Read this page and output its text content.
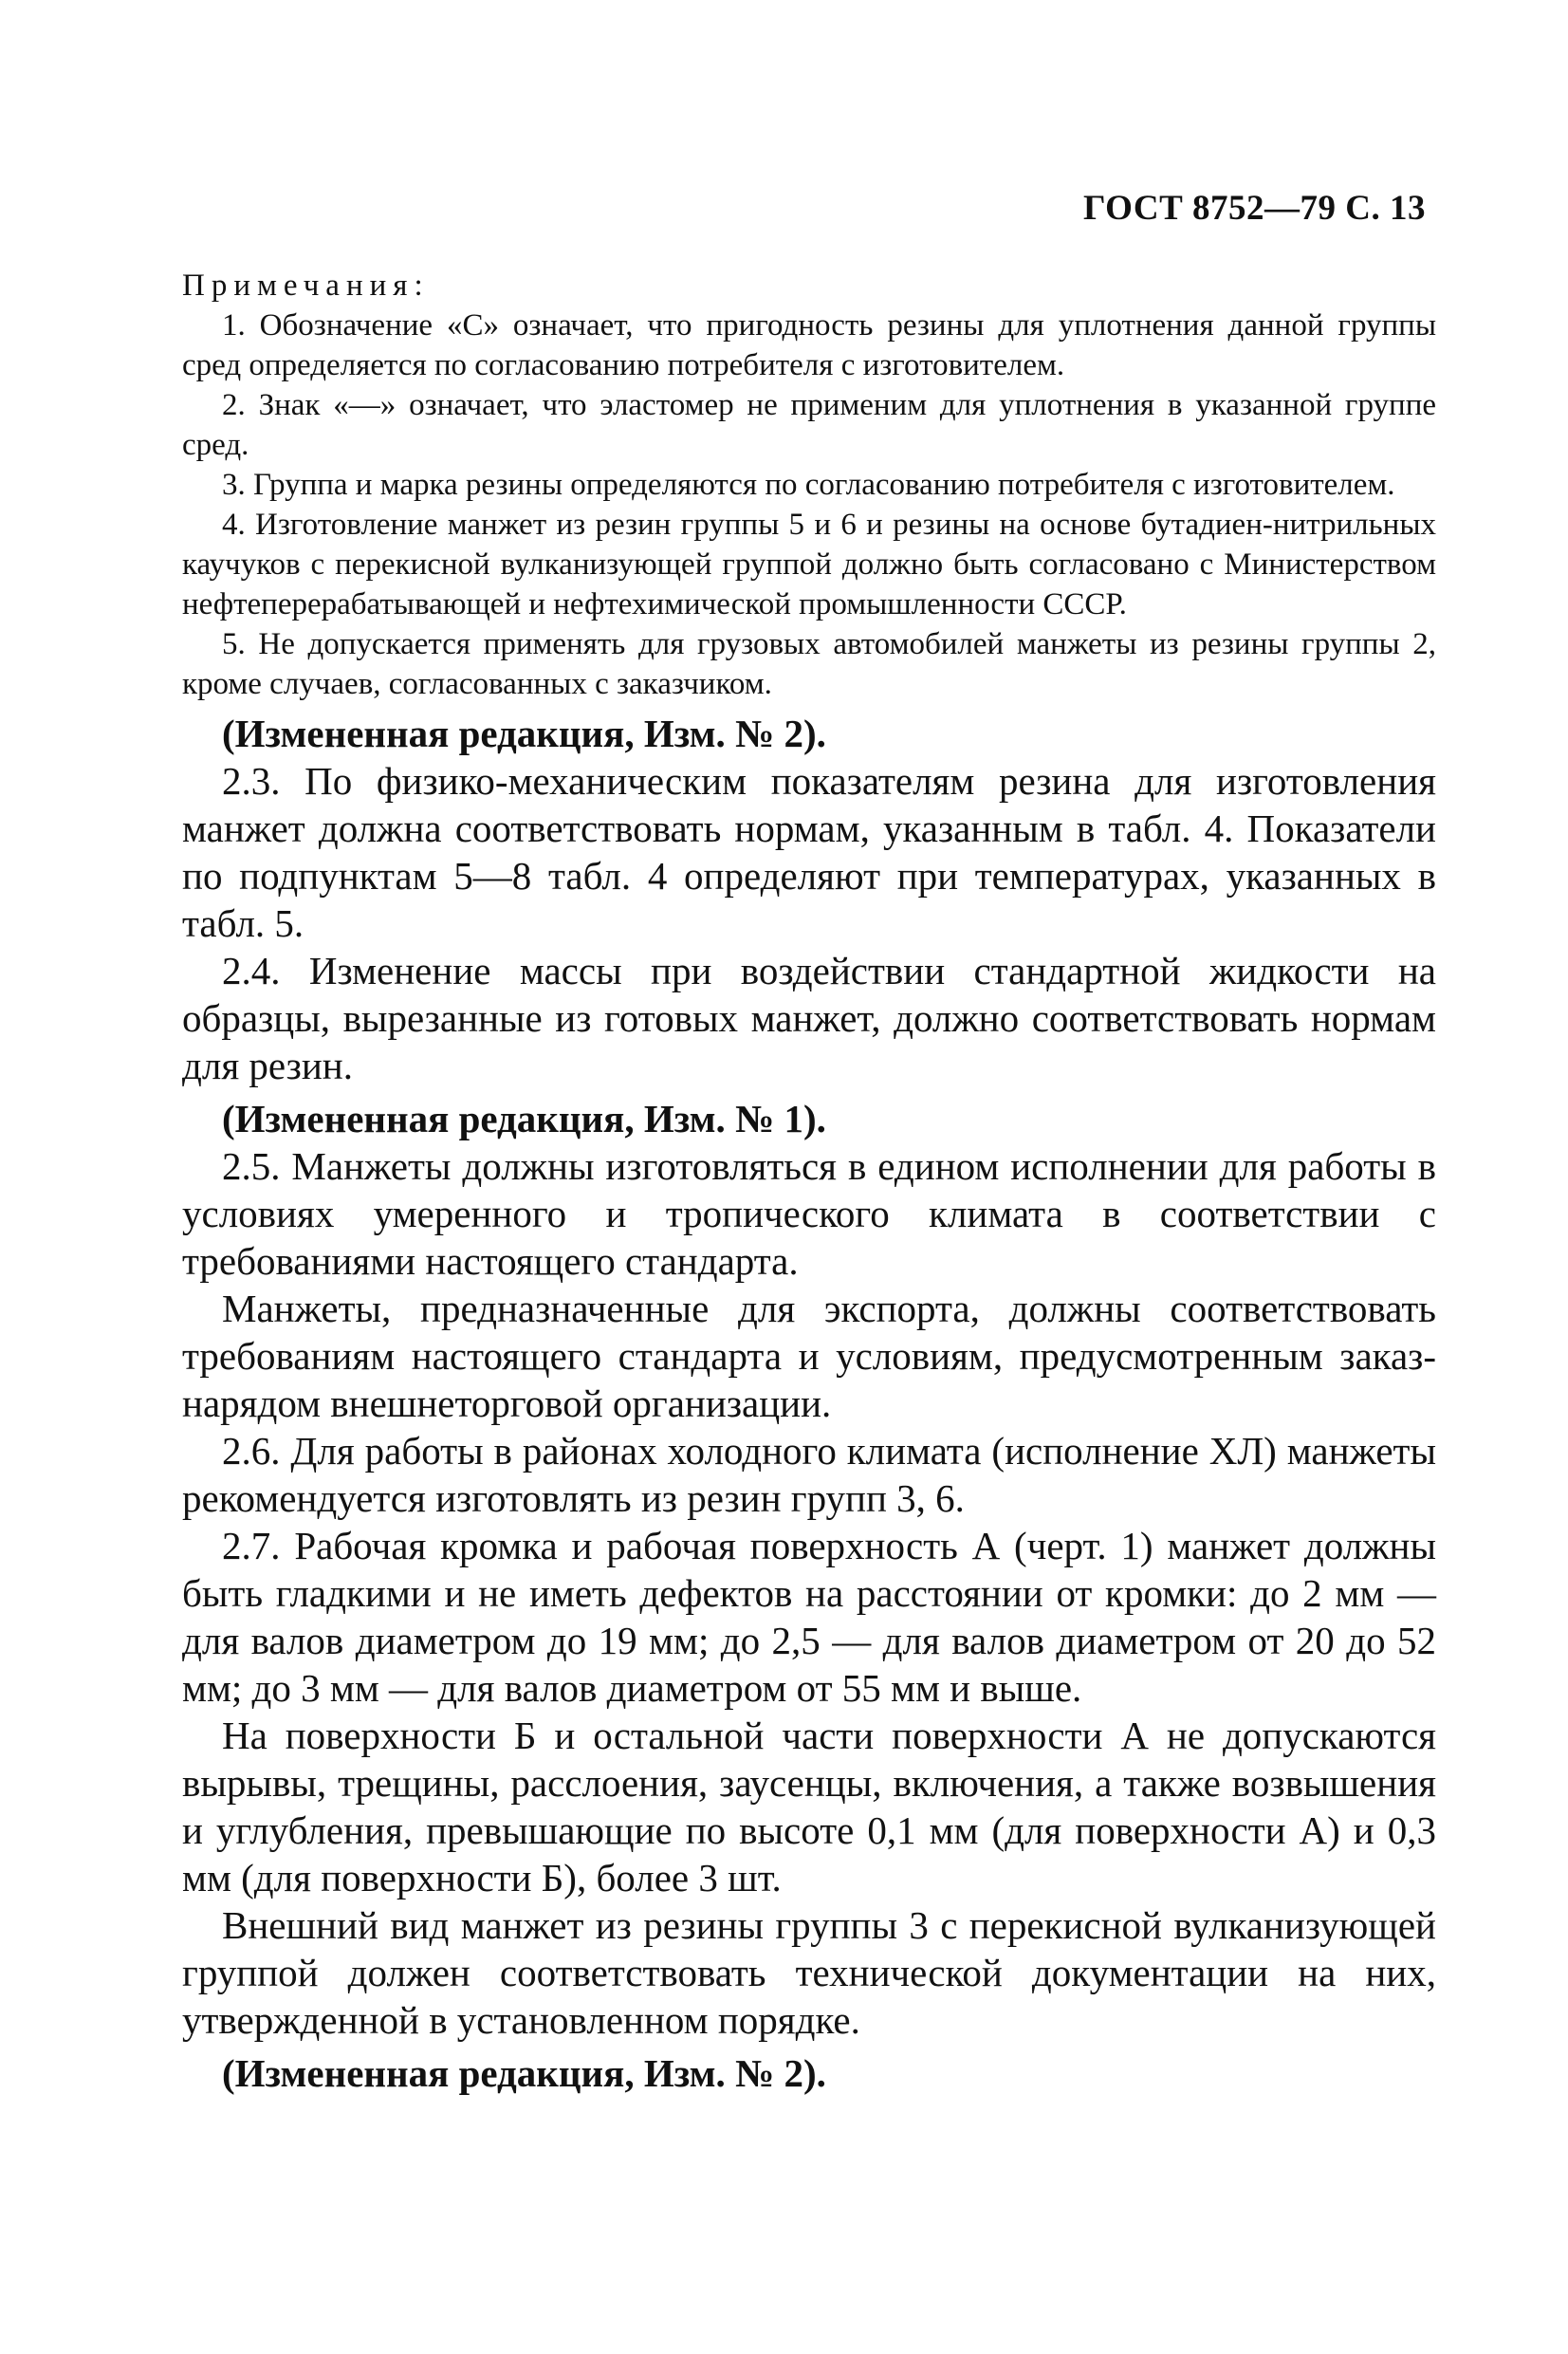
ГОСТ 8752—79 С. 13

Примечания:

1. Обозначение «С» означает, что пригодность резины для уплотнения данной группы сред определяется по согласованию потребителя с изготовителем.

2. Знак «—» означает, что эластомер не применим для уплотнения в указанной группе сред.

3. Группа и марка резины определяются по согласованию потребителя с изготовителем.

4. Изготовление манжет из резин группы 5 и 6 и резины на основе бутадиен-нитрильных каучуков с перекисной вулканизующей группой должно быть согласовано с Министерством нефтеперерабатывающей и нефтехимической промышленности СССР.

5. Не допускается применять для грузовых автомобилей манжеты из резины группы 2, кроме случаев, согласованных с заказчиком.

(Измененная редакция, Изм. № 2).

2.3. По физико-механическим показателям резина для изготовления манжет должна соответствовать нормам, указанным в табл. 4. Показатели по подпунктам 5—8 табл. 4 определяют при температурах, указанных в табл. 5.

2.4. Изменение массы при воздействии стандартной жидкости на образцы, вырезанные из готовых манжет, должно соответствовать нормам для резин.

(Измененная редакция, Изм. № 1).

2.5. Манжеты должны изготовляться в едином исполнении для работы в условиях умеренного и тропического климата в соответствии с требованиями настоящего стандарта.

Манжеты, предназначенные для экспорта, должны соответствовать требованиям настоящего стандарта и условиям, предусмотренным заказ-нарядом внешнеторговой организации.

2.6. Для работы в районах холодного климата (исполнение ХЛ) манжеты рекомендуется изготовлять из резин групп 3, 6.

2.7. Рабочая кромка и рабочая поверхность А (черт. 1) манжет должны быть гладкими и не иметь дефектов на расстоянии от кромки: до 2 мм — для валов диаметром до 19 мм; до 2,5 — для валов диаметром от 20 до 52 мм; до 3 мм — для валов диаметром от 55 мм и выше.

На поверхности Б и остальной части поверхности А не допускаются вырывы, трещины, расслоения, заусенцы, включения, а также возвышения и углубления, превышающие по высоте 0,1 мм (для поверхности А) и 0,3 мм (для поверхности Б), более 3 шт.

Внешний вид манжет из резины группы 3 с перекисной вулканизующей группой должен соответствовать технической документации на них, утвержденной в установленном порядке.

(Измененная редакция, Изм. № 2).
